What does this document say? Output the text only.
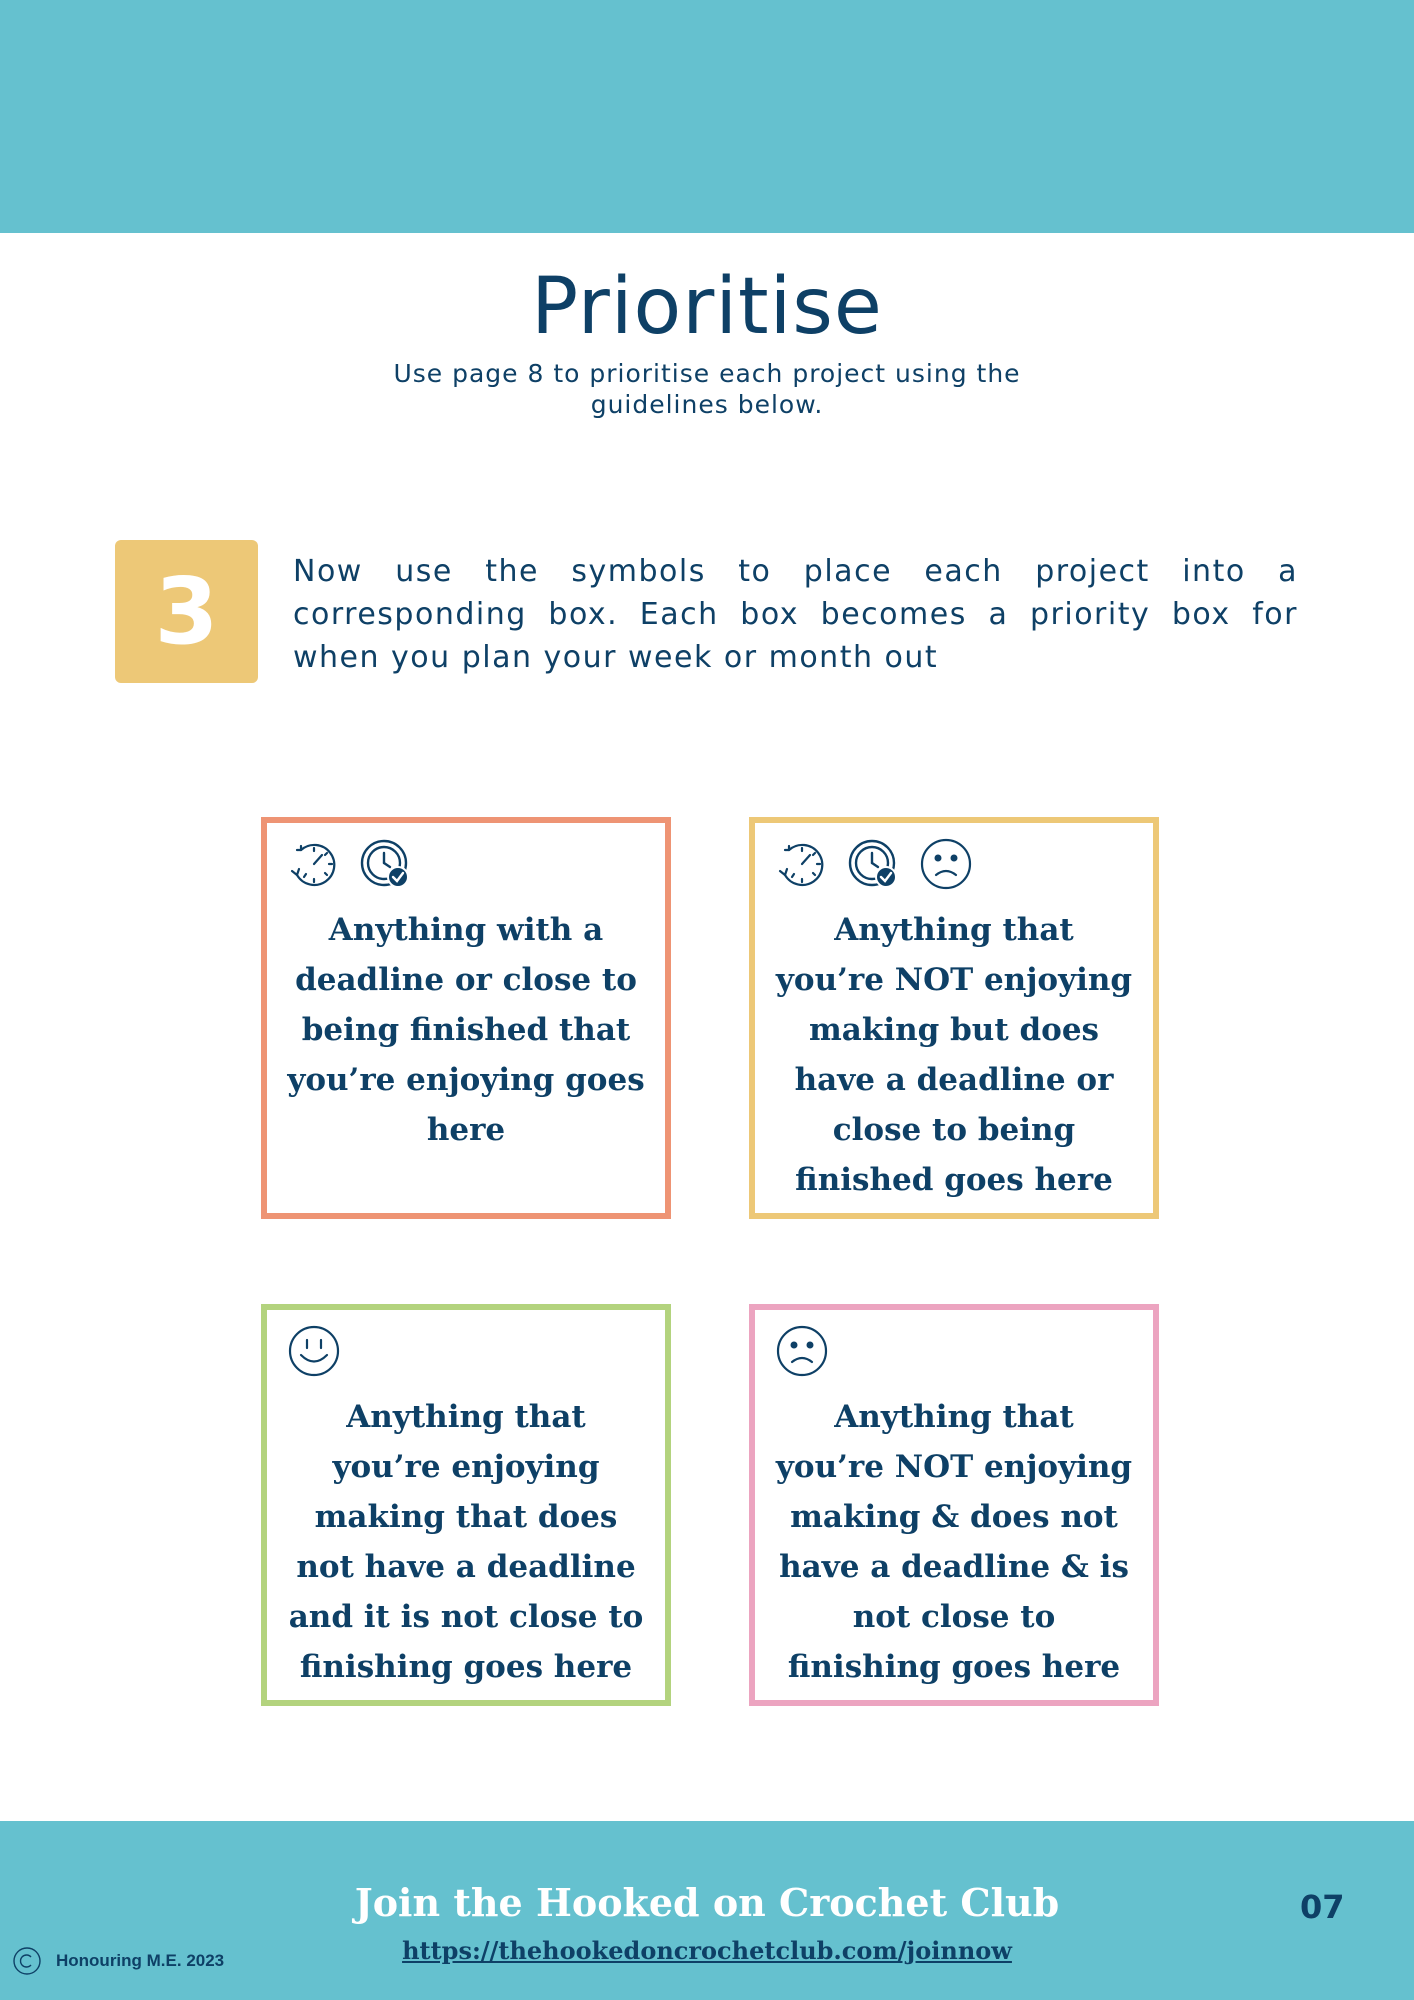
Prioritise
Use page 8 to prioritise each project using the guidelines below.
3	Now use the symbols to place each project into a corresponding box. Each box becomes a priority box for when you plan your week or month out
Anything with a deadline or close to being finished that you’re enjoying goes here
Anything that you’re NOT enjoying making but does have a deadline or close to being finished goes here
Anything that you’re enjoying making that does not have a deadline and it is not close to finishing goes here
Anything that you’re NOT enjoying making & does not have a deadline & is not close to finishing goes here
Join the Hooked on Crochet Club
https://thehookedoncrochetclub.com/joinnow
07
Honouring M.E. 2023
